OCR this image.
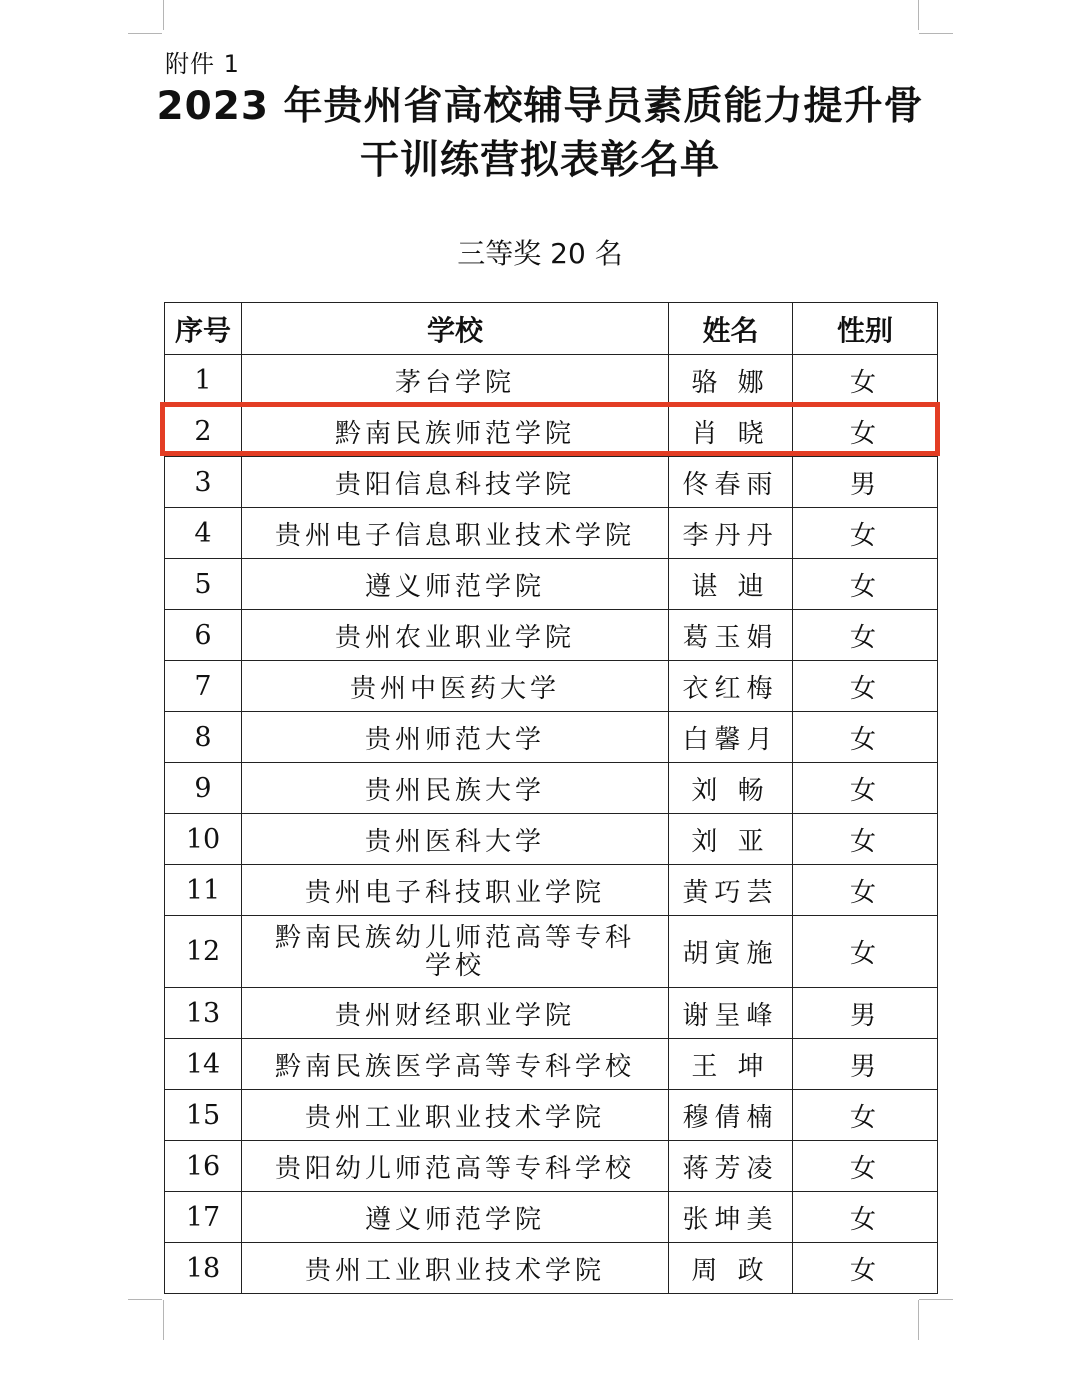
附件 1
2023 年贵州省高校辅导员素质能力提升骨
干训练营拟表彰名单
三等奖 20 名
序号	学校	姓名	性别
1	茅台学院	骆 娜	女
2	黔南民族师范学院	肖 晓	女
3	贵阳信息科技学院	佟春雨	男
4	贵州电子信息职业技术学院	李丹丹	女
5	遵义师范学院	谌 迪	女
6	贵州农业职业学院	葛玉娟	女
7	贵州中医药大学	衣红梅	女
8	贵州师范大学	白馨月	女
9	贵州民族大学	刘 畅	女
10	贵州医科大学	刘 亚	女
11	贵州电子科技职业学院	黄巧芸	女
12	黔南民族幼儿师范高等专科学校	胡寅施	女
13	贵州财经职业学院	谢呈峰	男
14	黔南民族医学高等专科学校	王 坤	男
15	贵州工业职业技术学院	穆倩楠	女
16	贵阳幼儿师范高等专科学校	蒋芳凌	女
17	遵义师范学院	张坤美	女
18	贵州工业职业技术学院	周 政	女
